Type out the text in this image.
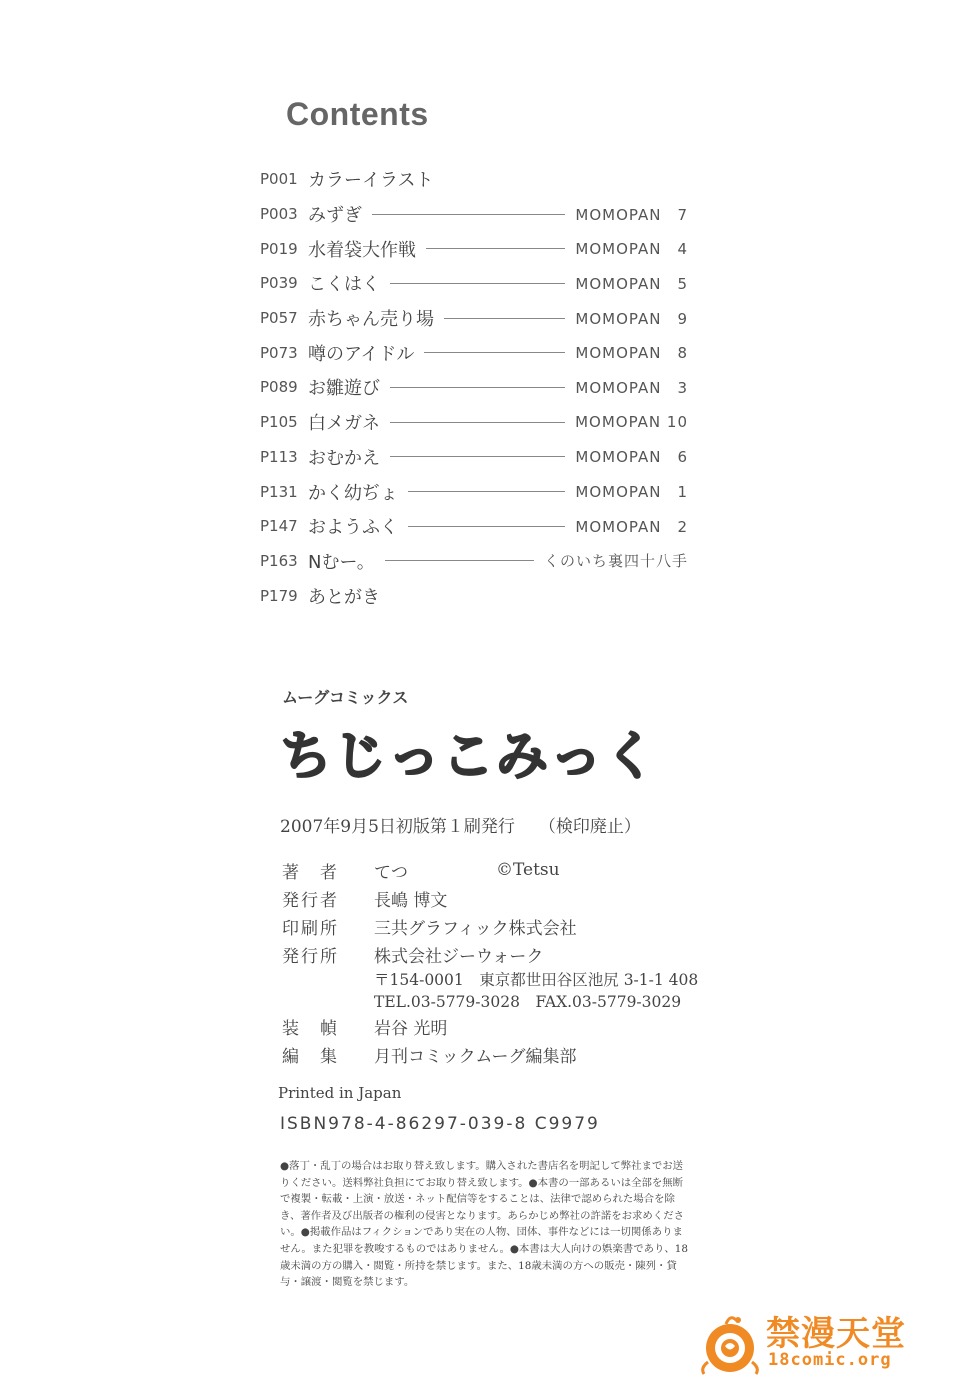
Contents
P001 カラーイラスト
P003 みずぎ	MOMOPAN　7
P019 水着袋大作戦	MOMOPAN　4
P039 こくはく	MOMOPAN　5
P057 赤ちゃん売り場	MOMOPAN　9
P073 噂のアイドル	MOMOPAN　8
P089 お雛遊び	MOMOPAN　3
P105 白メガネ	MOMOPAN 10
P113 おむかえ	MOMOPAN　6
P131 かく幼ぢょ	MOMOPAN　1
P147 おようふく	MOMOPAN　2
P163 Nむー。	くのいち裏四十八手
P179 あとがき
ムーグコミックス
ちじっこみっく
2007年9月5日初版第１刷発行 （検印廃止）
著　者	てつ	©Tetsu
発行者	長嶋 博文
印刷所	三共グラフィック株式会社
発行所	株式会社ジーウォーク
〒154-0001　東京都世田谷区池尻 3-1-1 408
TEL.03-5779-3028　FAX.03-5779-3029
装　幀	岩谷 光明
編　集	月刊コミックムーグ編集部
Printed in Japan
ISBN978-4-86297-039-8 C9979
●落丁・乱丁の場合はお取り替え致します。購入された書店名を明記して弊社までお送りください。送料弊社負担にてお取り替え致します。●本書の一部あるいは全部を無断で複製・転載・上演・放送・ネット配信等をすることは、法律で認められた場合を除き、著作者及び出版者の権利の侵害となります。あらかじめ弊社の許諾をお求めください。●掲載作品はフィクションであり実在の人物、団体、事件などには一切関係ありません。また犯罪を教唆するものではありません。●本書は大人向けの娯楽書であり、18歳未満の方の購入・閲覧・所持を禁じます。また、18歳未満の方への販売・陳列・貸与・譲渡・閲覧を禁じます。
禁漫天堂
18comic.org
